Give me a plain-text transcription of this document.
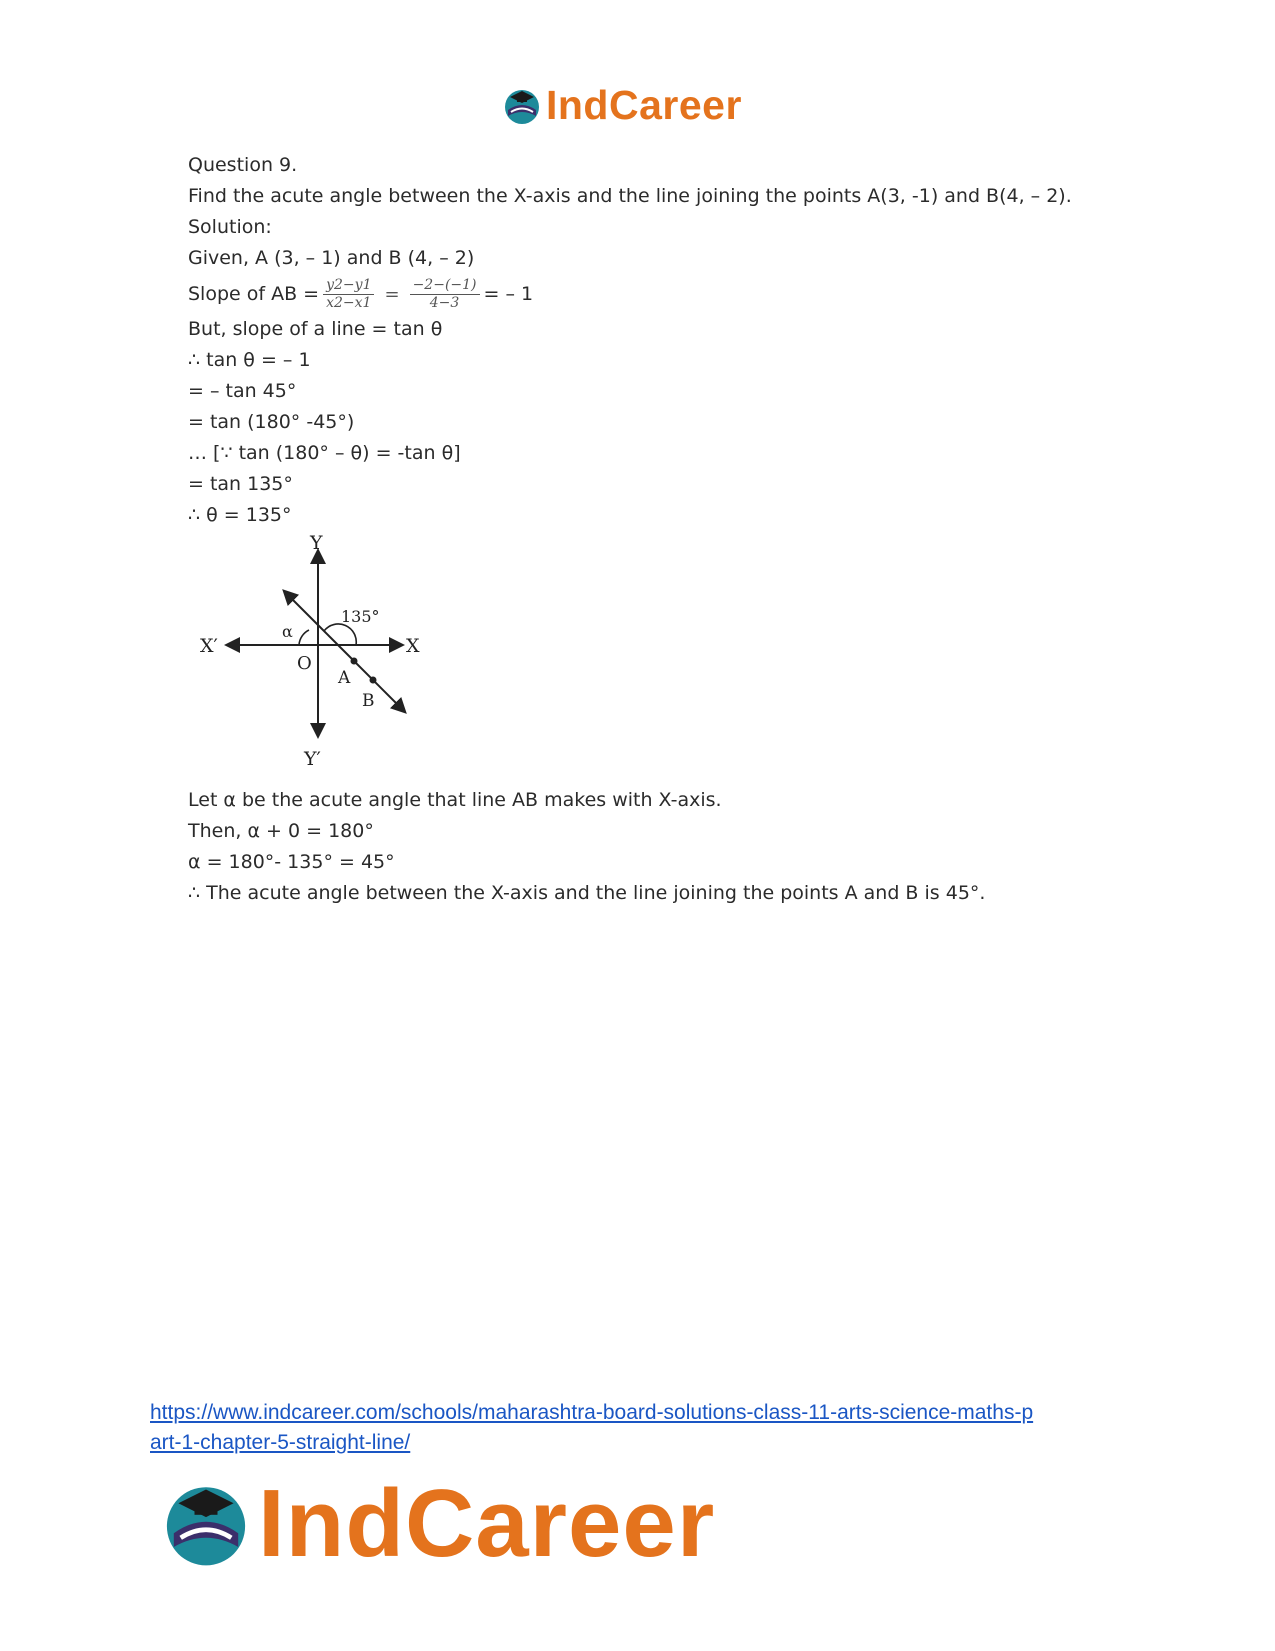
IndCareer
Question 9.
Find the acute angle between the X-axis and the line joining the points A(3, -1) and B(4, – 2).
Solution:
Given, A (3, – 1) and B (4, – 2)
Slope of AB = $\frac{y2-y1}{x2-x1} = \frac{-2-(-1)}{4-3}$ = – 1
But, slope of a line = tan θ
∴ tan θ = – 1
= – tan 45°
= tan (180° -45°)
… [∵ tan (180° – θ) = -tan θ]
= tan 135°
∴ θ = 135°
Y
Y′
X
X′
O
α
135°
A
B
Let α be the acute angle that line AB makes with X-axis.
Then, α + 0 = 180°
α = 180°- 135° = 45°
∴ The acute angle between the X-axis and the line joining the points A and B is 45°.
https://www.indcareer.com/schools/maharashtra-board-solutions-class-11-arts-science-maths-p
art-1-chapter-5-straight-line/
IndCareer
